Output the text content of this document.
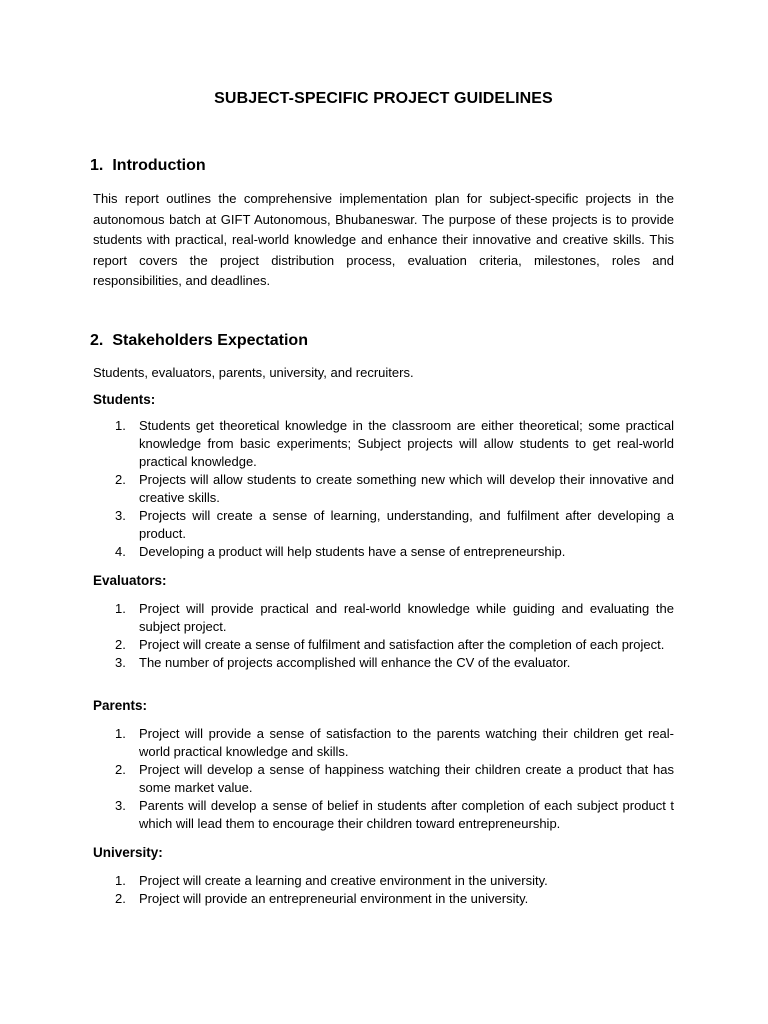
SUBJECT-SPECIFIC PROJECT GUIDELINES
1. Introduction

This report outlines the comprehensive implementation plan for subject-specific projects in the autonomous batch at GIFT Autonomous, Bhubaneswar. The purpose of these projects is to provide students with practical, real-world knowledge and enhance their innovative and creative skills. This report covers the project distribution process, evaluation criteria, milestones, roles and responsibilities, and deadlines.

2. Stakeholders Expectation

Students, evaluators, parents, university, and recruiters.

Students:
1. Students get theoretical knowledge in the classroom are either theoretical; some practical knowledge from basic experiments; Subject projects will allow students to get real-world practical knowledge.
2. Projects will allow students to create something new which will develop their innovative and creative skills.
3. Projects will create a sense of learning, understanding, and fulfilment after developing a product.
4. Developing a product will help students have a sense of entrepreneurship.
Evaluators:
1. Project will provide practical and real-world knowledge while guiding and evaluating the subject project.
2. Project will create a sense of fulfilment and satisfaction after the completion of each project.
3. The number of projects accomplished will enhance the CV of the evaluator.
Parents:
1. Project will provide a sense of satisfaction to the parents watching their children get real-world practical knowledge and skills.
2. Project will develop a sense of happiness watching their children create a product that has some market value.
3. Parents will develop a sense of belief in students after completion of each subject product t which will lead them to encourage their children toward entrepreneurship.
University:
1. Project will create a learning and creative environment in the university.
2. Project will provide an entrepreneurial environment in the university.
